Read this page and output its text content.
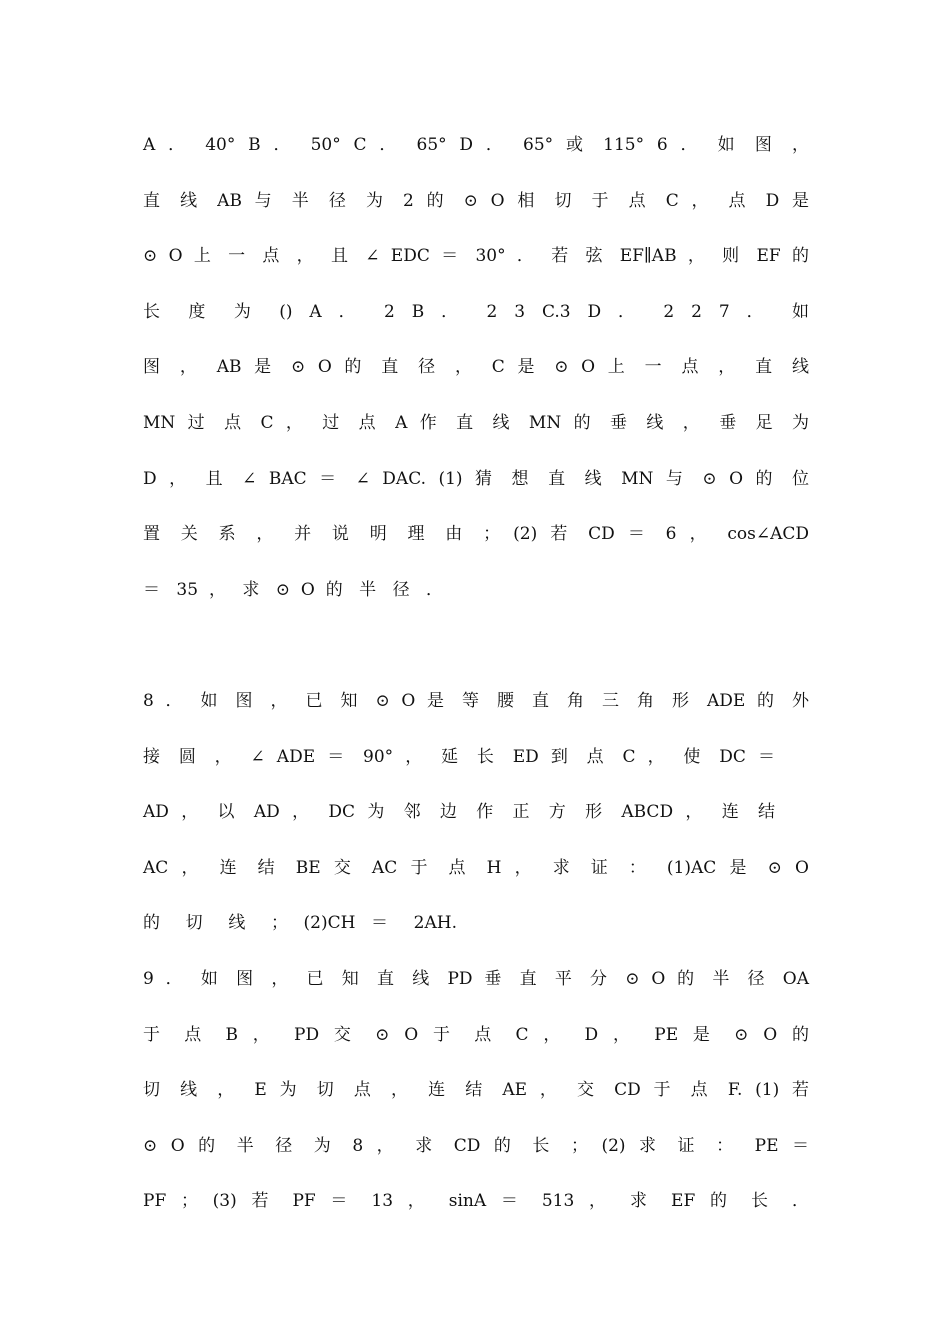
A ． 40° B ． 50° C ． 65° D ． 65° 或 115° 6 ． 如 图 ，
直 线 AB 与 半 径 为 2 的 ⊙ O 相 切 于 点 C ， 点 D 是
⊙ O 上 一 点 ， 且 ∠ EDC ＝ 30° ． 若 弦 EF∥AB ， 则 EF 的
长 度 为 () A ． 2 B ． 2 3 C.3 D ． 2 2 7 ． 如
图 ， AB 是 ⊙ O 的 直 径 ， C 是 ⊙ O 上 一 点 ， 直 线
MN 过 点 C ， 过 点 A 作 直 线 MN 的 垂 线 ， 垂 足 为
D ， 且 ∠ BAC ＝ ∠ DAC. (1) 猜 想 直 线 MN 与 ⊙ O 的 位
置 关 系 ， 并 说 明 理 由 ； (2) 若 CD ＝ 6 ， cos∠ACD
＝ 35 ， 求 ⊙ O 的 半 径 ．
8 ． 如 图 ， 已 知 ⊙ O 是 等 腰 直 角 三 角 形 ADE 的 外
接 圆 ， ∠ ADE ＝ 90° ， 延 长 ED 到 点 C ， 使 DC ＝
AD ， 以 AD ， DC 为 邻 边 作 正 方 形 ABCD ， 连 结
AC ， 连 结 BE 交 AC 于 点 H ， 求 证 ： (1)AC 是 ⊙ O
的 切 线 ； (2)CH ＝ 2AH.
9 ． 如 图 ， 已 知 直 线 PD 垂 直 平 分 ⊙ O 的 半 径 OA
于 点 B ， PD 交 ⊙ O 于 点 C ， D ， PE 是 ⊙ O 的
切 线 ， E 为 切 点 ， 连 结 AE ， 交 CD 于 点 F. (1) 若
⊙ O 的 半 径 为 8 ， 求 CD 的 长 ； (2) 求 证 ： PE ＝
PF ； (3) 若 PF ＝ 13 ， sinA ＝ 513 ， 求 EF 的 长 ．
